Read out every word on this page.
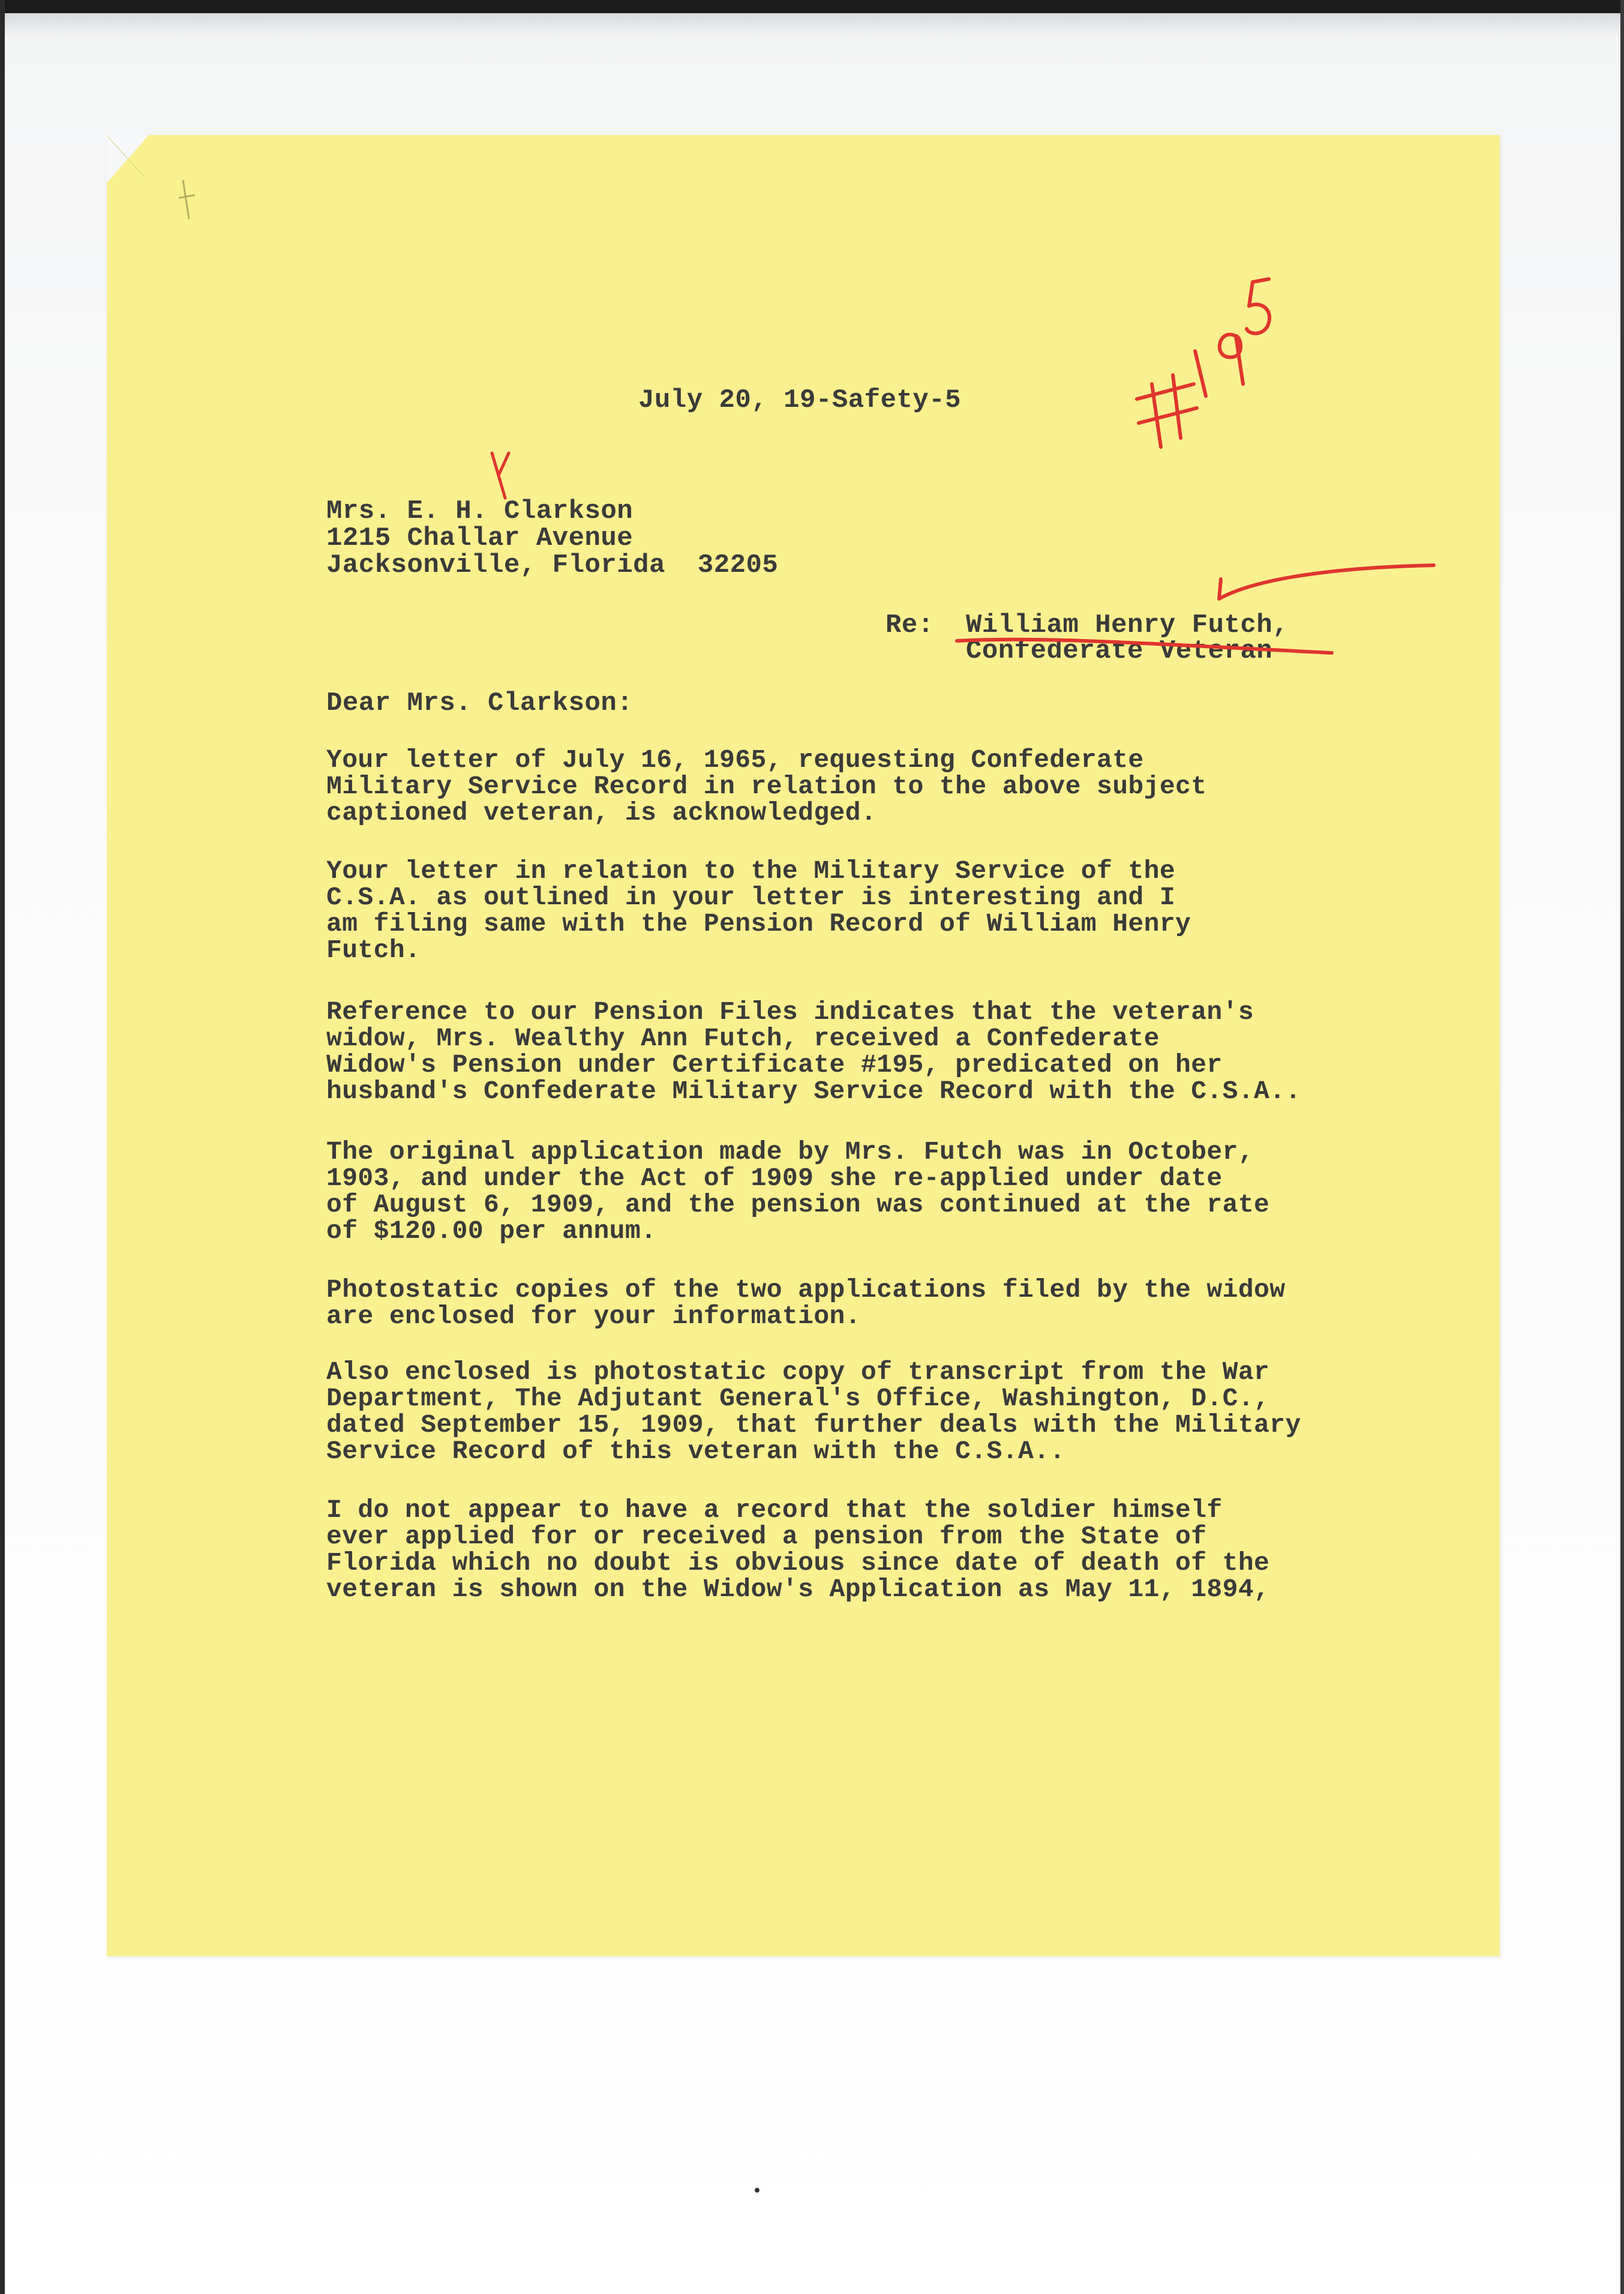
July 20, 19-Safety-5
Mrs. E. H. Clarkson
1215 Challar Avenue
Jacksonville, Florida  32205
Re: William Henry Futch,
Confederate Veteran
Dear Mrs. Clarkson:
Your letter of July 16, 1965, requesting Confederate
Military Service Record in relation to the above subject
captioned veteran, is acknowledged.
Your letter in relation to the Military Service of the
C.S.A. as outlined in your letter is interesting and I
am filing same with the Pension Record of William Henry
Futch.
Reference to our Pension Files indicates that the veteran's
widow, Mrs. Wealthy Ann Futch, received a Confederate
Widow's Pension under Certificate #195, predicated on her
husband's Confederate Military Service Record with the C.S.A..
The original application made by Mrs. Futch was in October,
1903, and under the Act of 1909 she re-applied under date
of August 6, 1909, and the pension was continued at the rate
of $120.00 per annum.
Photostatic copies of the two applications filed by the widow
are enclosed for your information.
Also enclosed is photostatic copy of transcript from the War
Department, The Adjutant General's Office, Washington, D.C.,
dated September 15, 1909, that further deals with the Military
Service Record of this veteran with the C.S.A..
I do not appear to have a record that the soldier himself
ever applied for or received a pension from the State of
Florida which no doubt is obvious since date of death of the
veteran is shown on the Widow's Application as May 11, 1894,
